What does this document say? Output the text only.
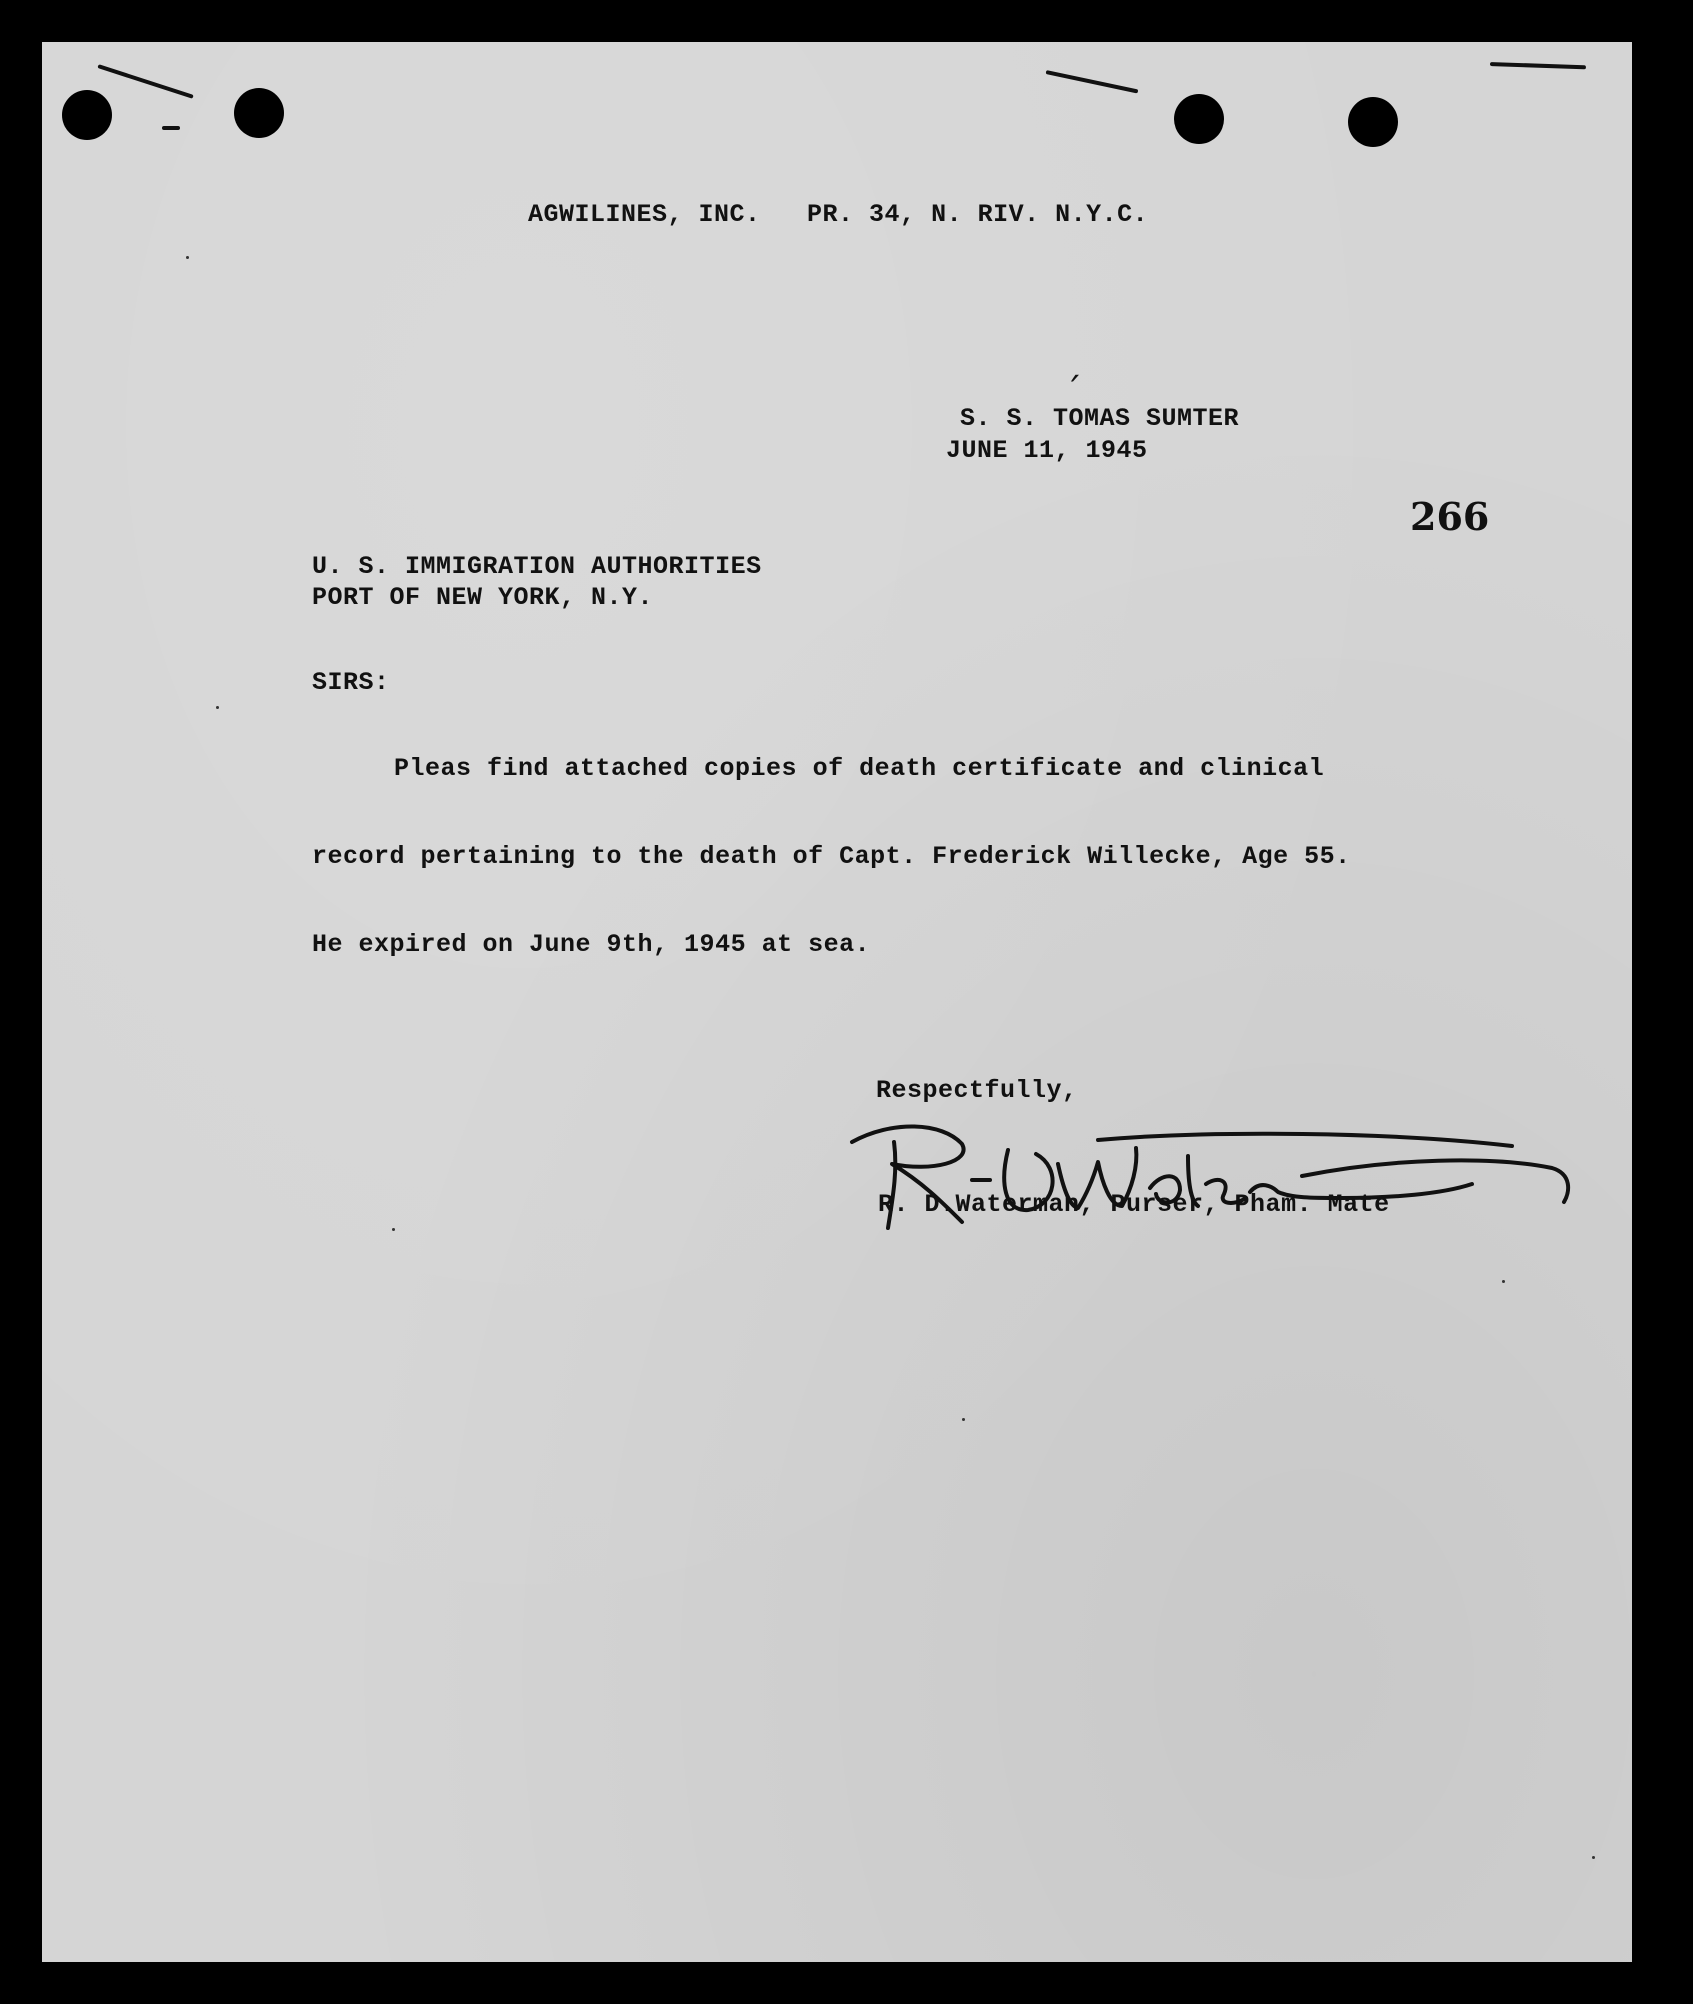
AGWILINES, INC.   PR. 34, N. RIV. N.Y.C.
S. S. TOMAS SUMTER
´
JUNE 11, 1945
266
U. S. IMMIGRATION AUTHORITIES
PORT OF NEW YORK, N.Y.
SIRS:
Pleas find attached copies of death certificate and clinical
record pertaining to the death of Capt. Frederick Willecke, Age 55.
He expired on June 9th, 1945 at sea.
Respectfully,
R. D.Waterman, Purser, Pham. Mate
